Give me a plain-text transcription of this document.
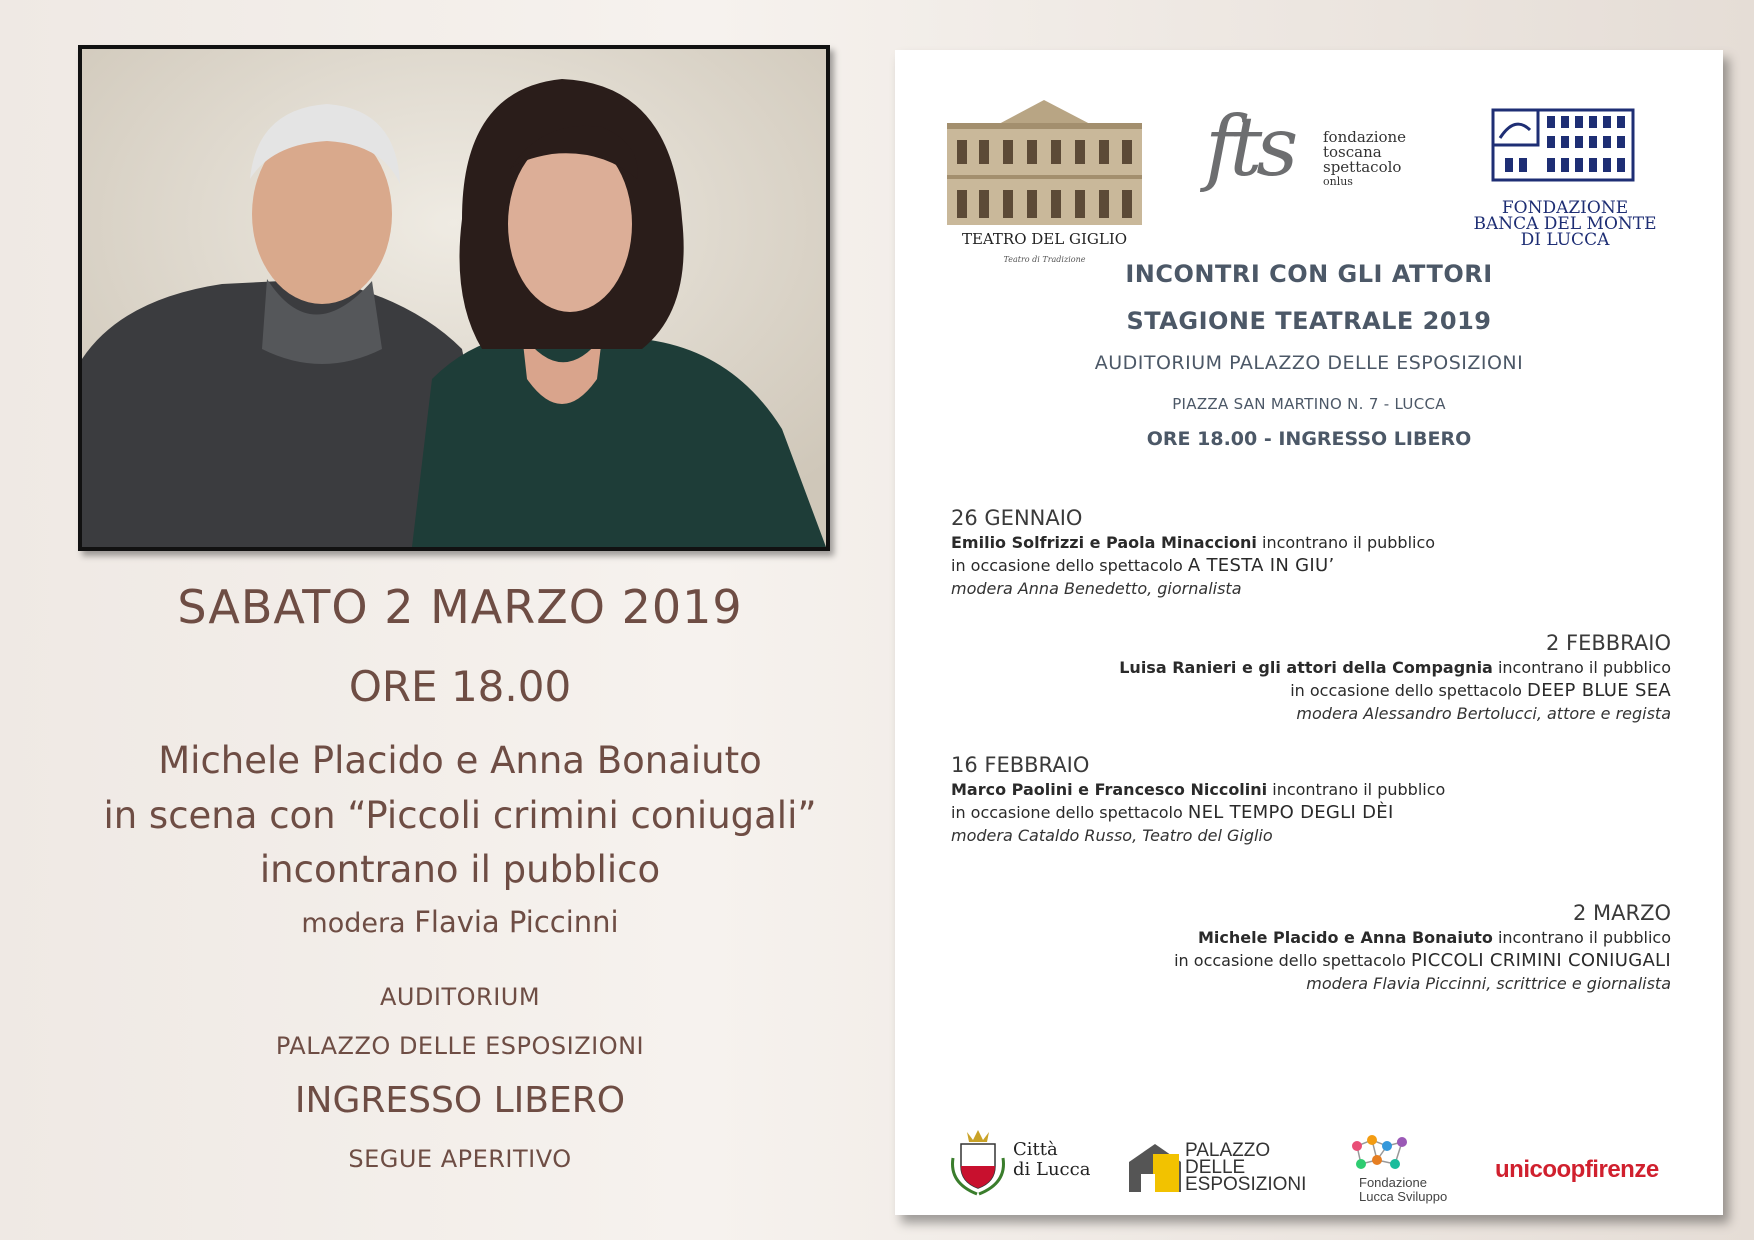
SABATO 2 MARZO 2019
ORE 18.00
Michele Placido e Anna Bonaiuto
in scena con “Piccoli crimini coniugali”
incontrano il pubblico
modera Flavia Piccinni
AUDITORIUM
PALAZZO DELLE ESPOSIZIONI
INGRESSO LIBERO
SEGUE APERITIVO
TEATRO DEL GIGLIO
Teatro di Tradizione
fts fondazione
toscana
spettacolo
onlus
FONDAZIONE
BANCA DEL MONTE
DI LUCCA
INCONTRI CON GLI ATTORI
STAGIONE TEATRALE 2019
AUDITORIUM PALAZZO DELLE ESPOSIZIONI
PIAZZA SAN MARTINO N. 7 - LUCCA
ORE 18.00 - INGRESSO LIBERO
26 GENNAIO
Emilio Solfrizzi e Paola Minaccioni incontrano il pubblico
in occasione dello spettacolo A TESTA IN GIU’
modera Anna Benedetto, giornalista
2 FEBBRAIO
Luisa Ranieri e gli attori della Compagnia incontrano il pubblico
in occasione dello spettacolo DEEP BLUE SEA
modera Alessandro Bertolucci, attore e regista
16 FEBBRAIO
Marco Paolini e Francesco Niccolini incontrano il pubblico
in occasione dello spettacolo NEL TEMPO DEGLI DÈI
modera Cataldo Russo, Teatro del Giglio
2 MARZO
Michele Placido e Anna Bonaiuto incontrano il pubblico
in occasione dello spettacolo PICCOLI CRIMINI CONIUGALI
modera Flavia Piccinni, scrittrice e giornalista
Città
di Lucca
PALAZZO
DELLE
ESPOSIZIONI	Fondazione
Lucca Sviluppo
unicoopfirenze
